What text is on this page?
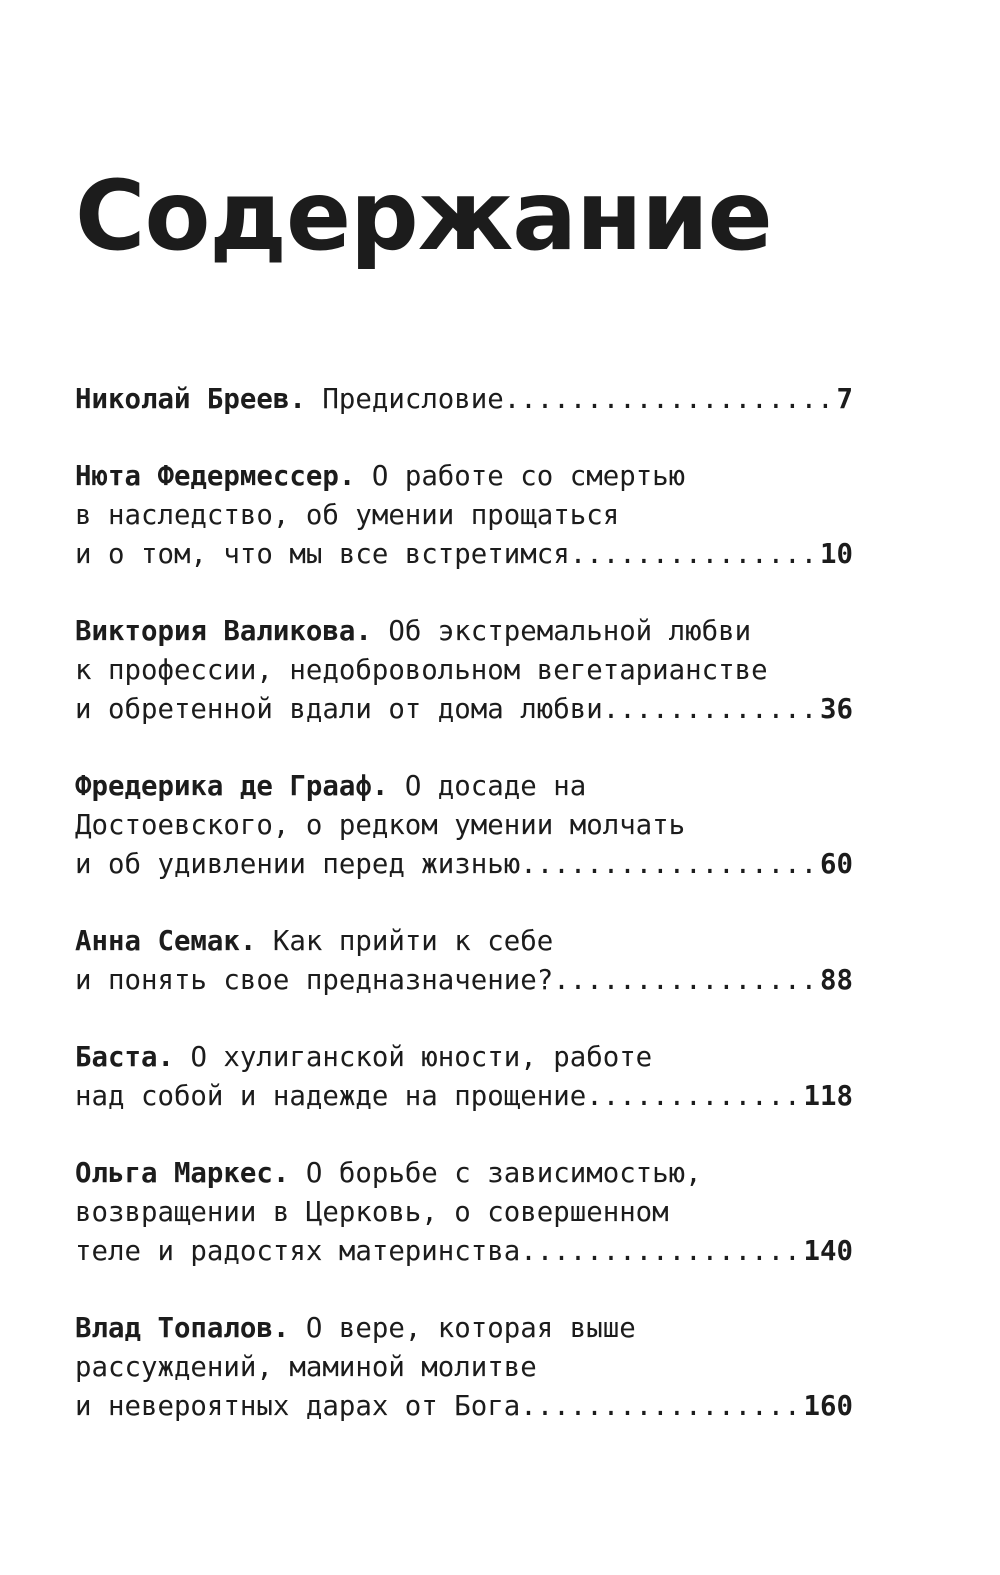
Содержание
Николай Бреев. Предисловие .....	7
Нюта Федермессер. О работе со смертью
в наследство, об умении прощаться
и о том, что мы все встретимся .....	10
Виктория Валикова. Об экстремальной любви
к профессии, недобровольном вегетарианстве
и обретенной вдали от дома любви .....	36
Фредерика де Грааф. О досаде на
Достоевского, о редком умении молчать
и об удивлении перед жизнью .....	60
Анна Семак. Как прийти к себе
и понять свое предназначение? .....	88
Баста. О хулиганской юности, работе
над собой и надежде на прощение .....	118
Ольга Маркес. О борьбе с зависимостью,
возвращении в Церковь, о совершенном
теле и радостях материнства .....	140
Влад Топалов. О вере, которая выше
рассуждений, маминой молитве
и невероятных дарах от Бога .....	160
